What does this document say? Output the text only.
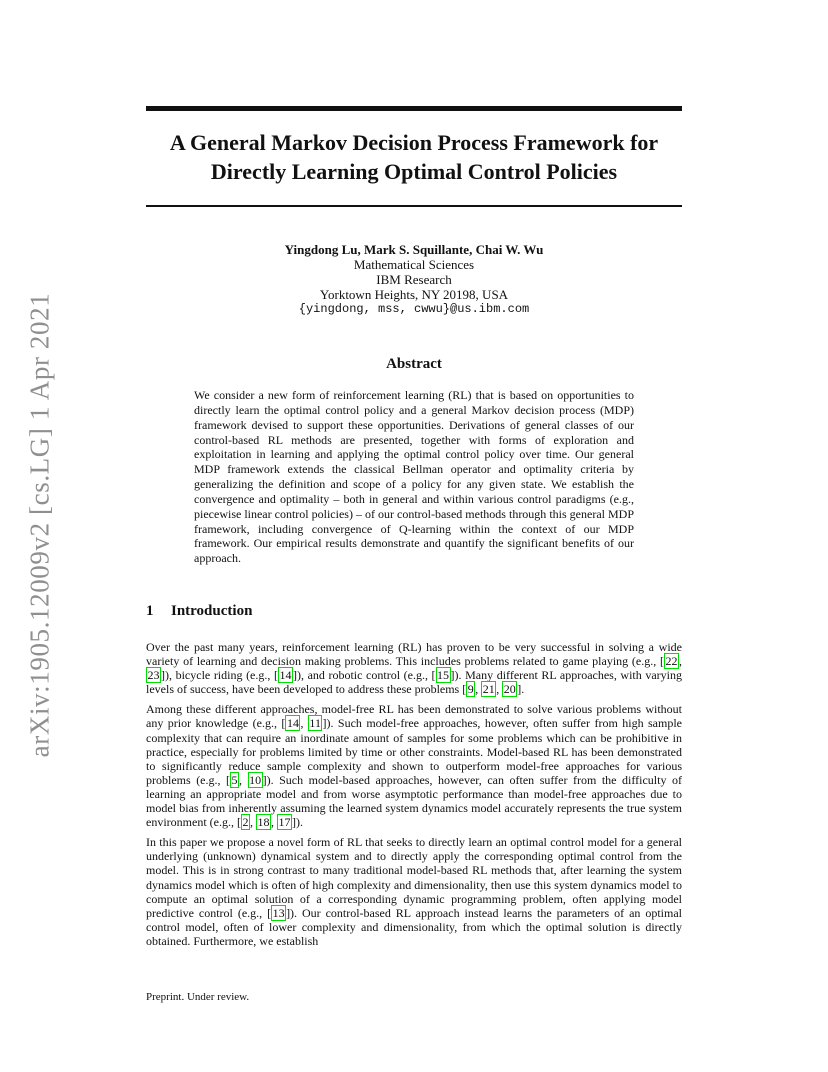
arXiv:1905.12009v2 [cs.LG] 1 Apr 2021
A General Markov Decision Process Framework for
Directly Learning Optimal Control Policies
Yingdong Lu, Mark S. Squillante, Chai W. Wu
Mathematical Sciences
IBM Research
Yorktown Heights, NY 20198, USA
{yingdong, mss, cwwu}@us.ibm.com
Abstract
We consider a new form of reinforcement learning (RL) that is based on opportunities to directly learn the optimal control policy and a general Markov decision process (MDP) framework devised to support these opportunities. Derivations of general classes of our control-based RL methods are presented, together with forms of exploration and exploitation in learning and applying the optimal control policy over time. Our general MDP framework extends the classical Bellman operator and optimality criteria by generalizing the definition and scope of a policy for any given state. We establish the convergence and optimality – both in general and within various control paradigms (e.g., piecewise linear control policies) – of our control-based methods through this general MDP framework, including convergence of Q-learning within the context of our MDP framework. Our empirical results demonstrate and quantify the significant benefits of our approach.
1 Introduction

Over the past many years, reinforcement learning (RL) has proven to be very successful in solving a wide variety of learning and decision making problems. This includes problems related to game playing (e.g., [ 22 , 23 ]), bicycle riding (e.g., [ 14 ]), and robotic control (e.g., [ 15 ]). Many different RL approaches, with varying levels of success, have been developed to address these problems [ 9 , 21 , 20 ].

Among these different approaches, model-free RL has been demonstrated to solve various problems without any prior knowledge (e.g., [ 14 , 11 ]). Such model-free approaches, however, often suffer from high sample complexity that can require an inordinate amount of samples for some problems which can be prohibitive in practice, especially for problems limited by time or other constraints. Model-based RL has been demonstrated to significantly reduce sample complexity and shown to outperform model-free approaches for various problems (e.g., [ 5 , 10 ]). Such model-based approaches, however, can often suffer from the difficulty of learning an appropriate model and from worse asymptotic performance than model-free approaches due to model bias from inherently assuming the learned system dynamics model accurately represents the true system environment (e.g., [ 2 , 18 , 17 ]).

In this paper we propose a novel form of RL that seeks to directly learn an optimal control model for a general underlying (unknown) dynamical system and to directly apply the corresponding optimal control from the model. This is in strong contrast to many traditional model-based RL methods that, after learning the system dynamics model which is often of high complexity and dimensionality, then use this system dynamics model to compute an optimal solution of a corresponding dynamic programming problem, often applying model predictive control (e.g., [ 13 ]). Our control-based RL approach instead learns the parameters of an optimal control model, often of lower complexity and dimensionality, from which the optimal solution is directly obtained. Furthermore, we establish

Preprint. Under review.
